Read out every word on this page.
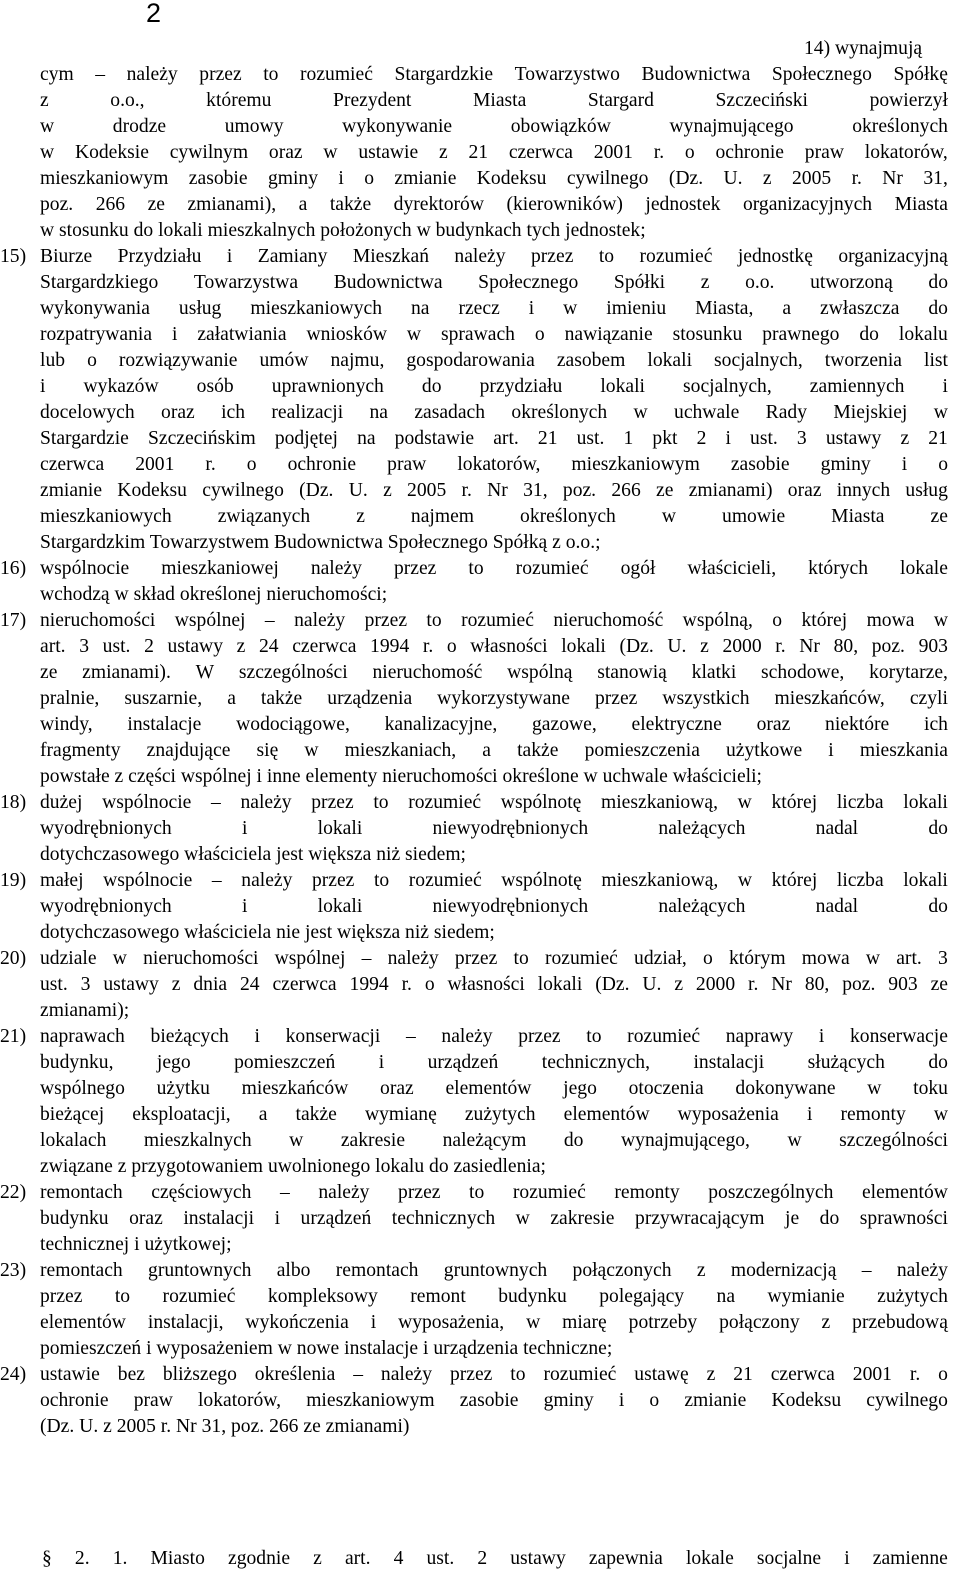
2
14) wynajmują
cym – należy przez to rozumieć Stargardzkie Towarzystwo Budownictwa Społecznego Spółkę
z	o.o.,	któremu	Prezydent	Miasta	Stargard	Szczeciński	powierzył
w	drodze	umowy	wykonywanie	obowiązków	wynajmującego	określonych
w Kodeksie cywilnym oraz w ustawie z 21 czerwca 2001 r. o ochronie praw lokatorów,
mieszkaniowym zasobie gminy i o zmianie Kodeksu cywilnego (Dz. U. z 2005 r. Nr 31,
poz. 266 ze zmianami), a także dyrektorów (kierowników) jednostek organizacyjnych Miasta
w stosunku do lokali mieszkalnych położonych w budynkach tych jednostek;
15) Biurze Przydziału i Zamiany Mieszkań należy przez to rozumieć jednostkę organizacyjną
Stargardzkiego Towarzystwa Budownictwa Społecznego Spółki z o.o. utworzoną do
wykonywania usług mieszkaniowych na rzecz i w imieniu Miasta, a zwłaszcza do
rozpatrywania i załatwiania wniosków w sprawach o nawiązanie stosunku prawnego do lokalu
lub o rozwiązywanie umów najmu, gospodarowania zasobem lokali socjalnych, tworzenia list
i wykazów osób uprawnionych do przydziału lokali socjalnych, zamiennych i
docelowych oraz ich realizacji na zasadach określonych w uchwale Rady Miejskiej w
Stargardzie Szczecińskim podjętej na podstawie art. 21 ust. 1 pkt 2 i ust. 3 ustawy z 21
czerwca 2001 r. o ochronie praw lokatorów, mieszkaniowym zasobie gminy i o
zmianie Kodeksu cywilnego (Dz. U. z 2005 r. Nr 31, poz. 266 ze zmianami) oraz innych usług
mieszkaniowych związanych z najmem określonych w umowie Miasta ze
Stargardzkim Towarzystwem Budownictwa Społecznego Spółką z o.o.;
16) wspólnocie mieszkaniowej należy przez to rozumieć ogół właścicieli, których lokale
wchodzą w skład określonej nieruchomości;
17) nieruchomości wspólnej – należy przez to rozumieć nieruchomość wspólną, o której mowa w
art. 3 ust. 2 ustawy z 24 czerwca 1994 r. o własności lokali (Dz. U. z 2000 r. Nr 80, poz. 903
ze zmianami). W szczególności nieruchomość wspólną stanowią klatki schodowe, korytarze,
pralnie, suszarnie, a także urządzenia wykorzystywane przez wszystkich mieszkańców, czyli
windy, instalacje wodociągowe, kanalizacyjne, gazowe, elektryczne oraz niektóre ich
fragmenty znajdujące się w mieszkaniach, a także pomieszczenia użytkowe i mieszkania
powstałe z części wspólnej i inne elementy nieruchomości określone w uchwale właścicieli;
18) dużej wspólnocie – należy przez to rozumieć wspólnotę mieszkaniową, w której liczba lokali
wyodrębnionych	i	lokali	niewyodrębnionych	należących	nadal	do
dotychczasowego właściciela jest większa niż siedem;
19) małej wspólnocie – należy przez to rozumieć wspólnotę mieszkaniową, w której liczba lokali
wyodrębnionych	i	lokali	niewyodrębnionych	należących	nadal	do
dotychczasowego właściciela nie jest większa niż siedem;
20) udziale w nieruchomości wspólnej – należy przez to rozumieć udział, o którym mowa w art. 3
ust. 3 ustawy z dnia 24 czerwca 1994 r. o własności lokali (Dz. U. z 2000 r. Nr 80, poz. 903 ze
zmianami);
21) naprawach bieżących i konserwacji – należy przez to rozumieć naprawy i konserwacje
budynku, jego pomieszczeń i urządzeń technicznych, instalacji służących do
wspólnego użytku mieszkańców oraz elementów jego otoczenia dokonywane w toku
bieżącej eksploatacji, a także wymianę zużytych elementów wyposażenia i remonty w
lokalach mieszkalnych w zakresie należącym do wynajmującego, w szczególności
związane z przygotowaniem uwolnionego lokalu do zasiedlenia;
22) remontach częściowych – należy przez to rozumieć remonty poszczególnych elementów
budynku oraz instalacji i urządzeń technicznych w zakresie przywracającym je do sprawności
technicznej i użytkowej;
23) remontach gruntownych albo remontach gruntownych połączonych z modernizacją – należy
przez to rozumieć kompleksowy remont budynku polegający na wymianie zużytych
elementów instalacji, wykończenia i wyposażenia, w miarę potrzeby połączony z przebudową
pomieszczeń i wyposażeniem w nowe instalacje i urządzenia techniczne;
24) ustawie bez bliższego określenia – należy przez to rozumieć ustawę z 21 czerwca 2001 r. o
ochronie praw lokatorów, mieszkaniowym zasobie gminy i o zmianie Kodeksu cywilnego
(Dz. U. z 2005 r. Nr 31, poz. 266 ze zmianami)
§ 2. 1. Miasto zgodnie z art. 4 ust. 2 ustawy zapewnia lokale socjalne i zamienne
